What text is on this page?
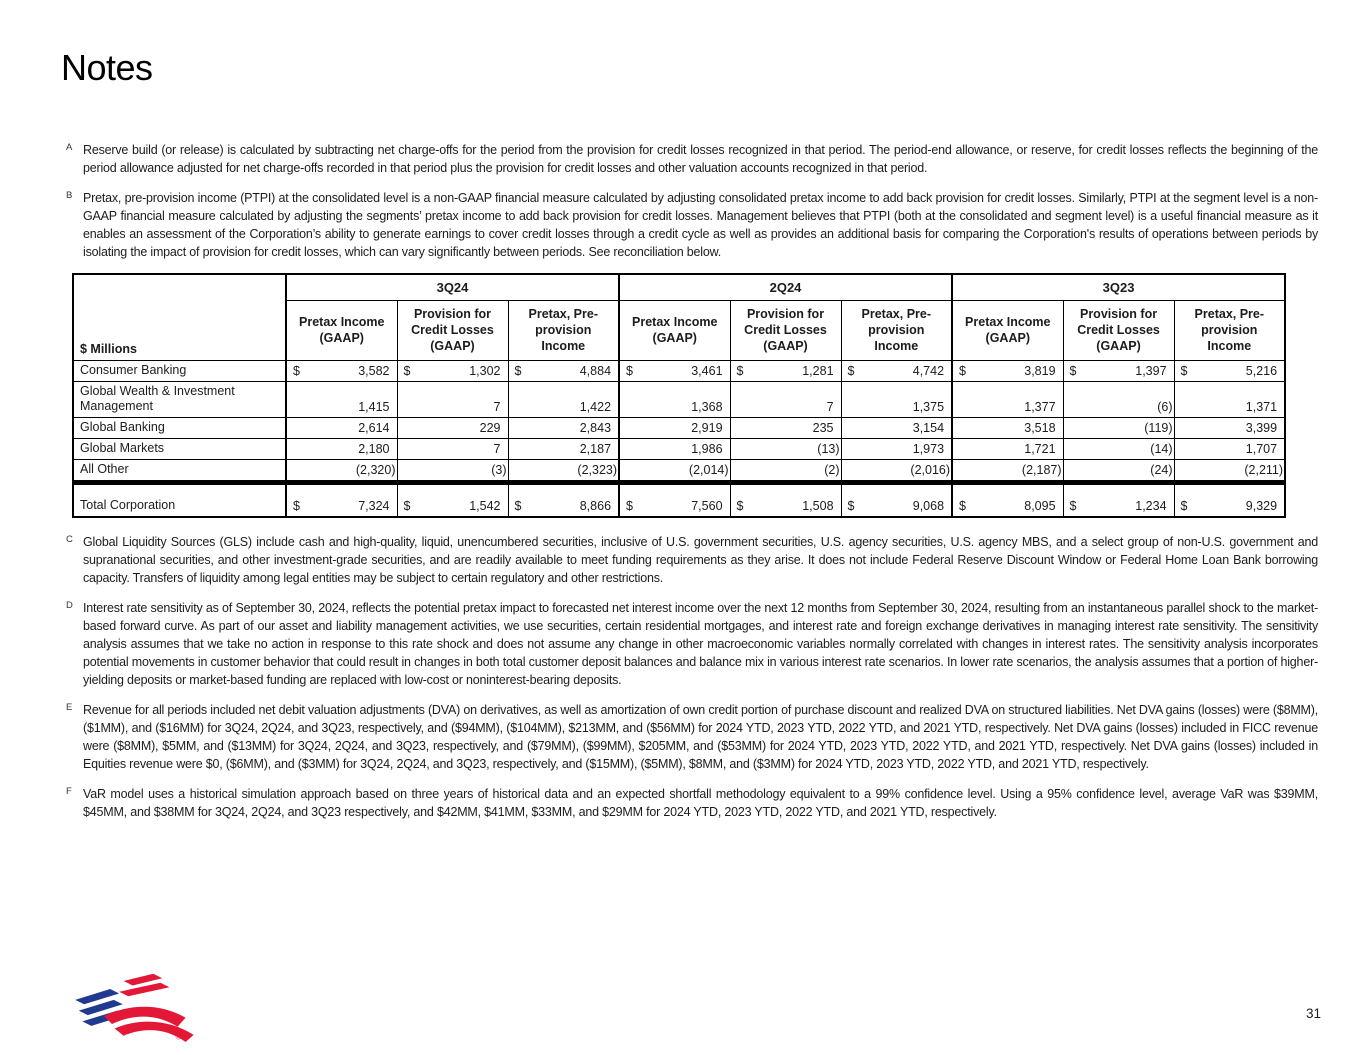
Notes
A Reserve build (or release) is calculated by subtracting net charge-offs for the period from the provision for credit losses recognized in that period. The period-end allowance, or reserve, for credit losses reflects the beginning of the period allowance adjusted for net charge-offs recorded in that period plus the provision for credit losses and other valuation accounts recognized in that period.

B Pretax, pre-provision income (PTPI) at the consolidated level is a non-GAAP financial measure calculated by adjusting consolidated pretax income to add back provision for credit losses. Similarly, PTPI at the segment level is a non-GAAP financial measure calculated by adjusting the segments’ pretax income to add back provision for credit losses. Management believes that PTPI (both at the consolidated and segment level) is a useful financial measure as it enables an assessment of the Corporation’s ability to generate earnings to cover credit losses through a credit cycle as well as provides an additional basis for comparing the Corporation's results of operations between periods by isolating the impact of provision for credit losses, which can vary significantly between periods. See reconciliation below.

$ Millions	3Q24			2Q24			3Q23		
	Pretax Income (GAAP)	Provision for Credit Losses (GAAP)	Pretax, Pre-provision Income	Pretax Income (GAAP)	Provision for Credit Losses (GAAP)	Pretax, Pre-provision Income	Pretax Income (GAAP)	Provision for Credit Losses (GAAP)	Pretax, Pre-provision Income
Consumer Banking	$ 3,582	$ 1,302	$ 4,884	$ 3,461	$ 1,281	$ 4,742	$ 3,819	$ 1,397	$ 5,216

Global Wealth & Investment Management	1,415	7	1,422	1,368	7	1,375	1,377	(6)	1,371

Global Banking	2,614	229	2,843	2,919	235	3,154	3,518	(119)	3,399

Global Markets	2,180	7	2,187	1,986	(13)	1,973	1,721	(14)	1,707

All Other	(2,320)	(3)	(2,323)	(2,014)	(2)	(2,016)	(2,187)	(24)	(2,211)

Total Corporation	$ 7,324	$ 1,542	$ 8,866	$ 7,560	$ 1,508	$ 9,068	$ 8,095	$ 1,234	$ 9,329
C Global Liquidity Sources (GLS) include cash and high-quality, liquid, unencumbered securities, inclusive of U.S. government securities, U.S. agency securities, U.S. agency MBS, and a select group of non-U.S. government and supranational securities, and other investment-grade securities, and are readily available to meet funding requirements as they arise. It does not include Federal Reserve Discount Window or Federal Home Loan Bank borrowing capacity. Transfers of liquidity among legal entities may be subject to certain regulatory and other restrictions.

D Interest rate sensitivity as of September 30, 2024, reflects the potential pretax impact to forecasted net interest income over the next 12 months from September 30, 2024, resulting from an instantaneous parallel shock to the market-based forward curve. As part of our asset and liability management activities, we use securities, certain residential mortgages, and interest rate and foreign exchange derivatives in managing interest rate sensitivity. The sensitivity analysis assumes that we take no action in response to this rate shock and does not assume any change in other macroeconomic variables normally correlated with changes in interest rates. The sensitivity analysis incorporates potential movements in customer behavior that could result in changes in both total customer deposit balances and balance mix in various interest rate scenarios. In lower rate scenarios, the analysis assumes that a portion of higher-yielding deposits or market-based funding are replaced with low-cost or noninterest-bearing deposits.

E Revenue for all periods included net debit valuation adjustments (DVA) on derivatives, as well as amortization of own credit portion of purchase discount and realized DVA on structured liabilities. Net DVA gains (losses) were ($8MM), ($1MM), and ($16MM) for 3Q24, 2Q24, and 3Q23, respectively, and ($94MM), ($104MM), $213MM, and ($56MM) for 2024 YTD, 2023 YTD, 2022 YTD, and 2021 YTD, respectively. Net DVA gains (losses) included in FICC revenue were ($8MM), $5MM, and ($13MM) for 3Q24, 2Q24, and 3Q23, respectively, and ($79MM), ($99MM), $205MM, and ($53MM) for 2024 YTD, 2023 YTD, 2022 YTD, and 2021 YTD, respectively. Net DVA gains (losses) included in Equities revenue were $0, ($6MM), and ($3MM) for 3Q24, 2Q24, and 3Q23, respectively, and ($15MM), ($5MM), $8MM, and ($3MM) for 2024 YTD, 2023 YTD, 2022 YTD, and 2021 YTD, respectively.

F VaR model uses a historical simulation approach based on three years of historical data and an expected shortfall methodology equivalent to a 99% confidence level. Using a 95% confidence level, average VaR was $39MM, $45MM, and $38MM for 3Q24, 2Q24, and 3Q23 respectively, and $42MM, $41MM, $33MM, and $29MM for 2024 YTD, 2023 YTD, 2022 YTD, and 2021 YTD, respectively.

®
31
